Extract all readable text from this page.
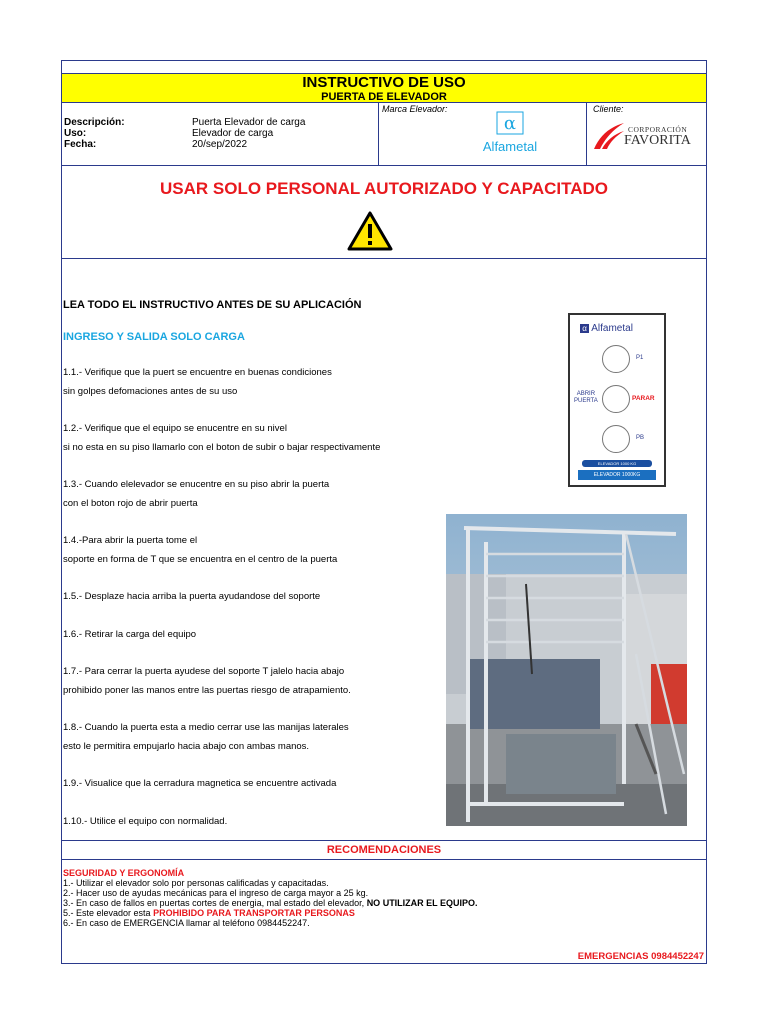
INSTRUCTIVO DE USO
PUERTA DE ELEVADOR
Descripción:	Puerta Elevador de carga
Uso:	Elevador de carga
Fecha:	20/sep/2022
Marca Elevador:
α
Alfametal
Cliente:
CORPORACIÓN
FAVORITA
USAR SOLO PERSONAL AUTORIZADO Y CAPACITADO
LEA TODO EL INSTRUCTIVO ANTES DE SU APLICACIÓN
INGRESO Y SALIDA SOLO CARGA
1.1.- Verifique que la puert se encuentre en buenas condiciones
sin golpes defomaciones antes de su uso
1.2.- Verifique que el equipo se enucentre en su nivel
si no esta en su piso llamarlo con el boton de subir o bajar respectivamente
1.3.- Cuando elelevador se enucentre en su piso abrir la puerta
con el boton rojo de abrir puerta
1.4.-Para abrir la puerta tome el
soporte en forma de T que se encuentra en el centro de la puerta
1.5.- Desplaze hacia arriba la puerta ayudandose del soporte
1.6.- Retirar la carga del equipo
1.7.- Para cerrar la puerta ayudese del soporte T jalelo hacia abajo
prohibido poner las manos entre las puertas riesgo de atrapamiento.
1.8.- Cuando la puerta esta a medio cerrar use las manijas laterales
esto le permitira empujarlo hacia abajo con ambas manos.
1.9.- Visualice que la cerradura magnetica se encuentre activada
1.10.- Utilice el equipo con normalidad.
α Alfametal
P1
ABRIR
PUERTA	PARAR
PB
ELEVADOR 1000 KG
ELEVADOR 1000KG
RECOMENDACIONES
SEGURIDAD Y ERGONOMÍA
1.- Utilizar el elevador solo por personas calificadas y capacitadas.
2.- Hacer uso de ayudas mecánicas para el ingreso de carga mayor a 25 kg.
3.- En caso de fallos en puertas cortes de energia, mal estado del elevador, NO UTILIZAR EL EQUIPO.
5.- Este elevador esta PROHIBIDO PARA TRANSPORTAR PERSONAS
6.- En caso de EMERGENCIA llamar al teléfono 0984452247.
EMERGENCIAS 0984452247
